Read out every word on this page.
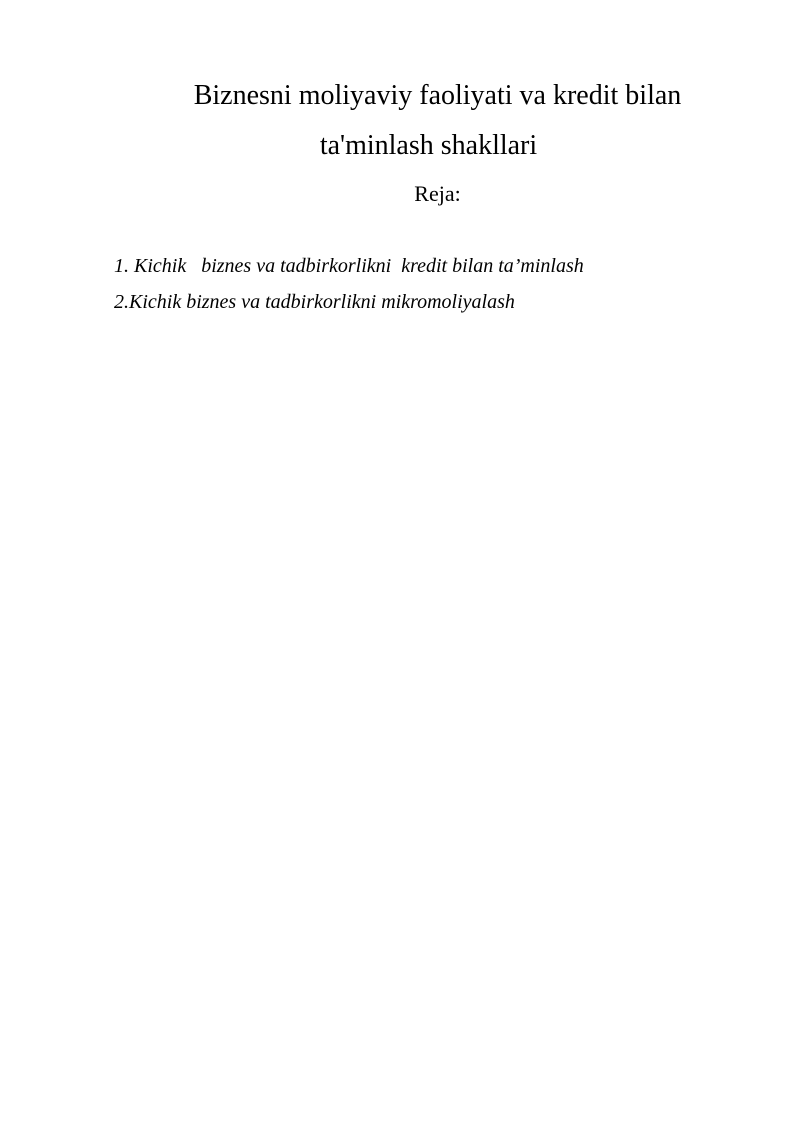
Biznesni moliyaviy faoliyati va kredit bilan
ta'minlash shakllari
Reja:
1. Kichik   biznes va tadbirkorlikni  kredit bilan ta’minlash
2.Kichik biznes va tadbirkorlikni mikromoliyalash
